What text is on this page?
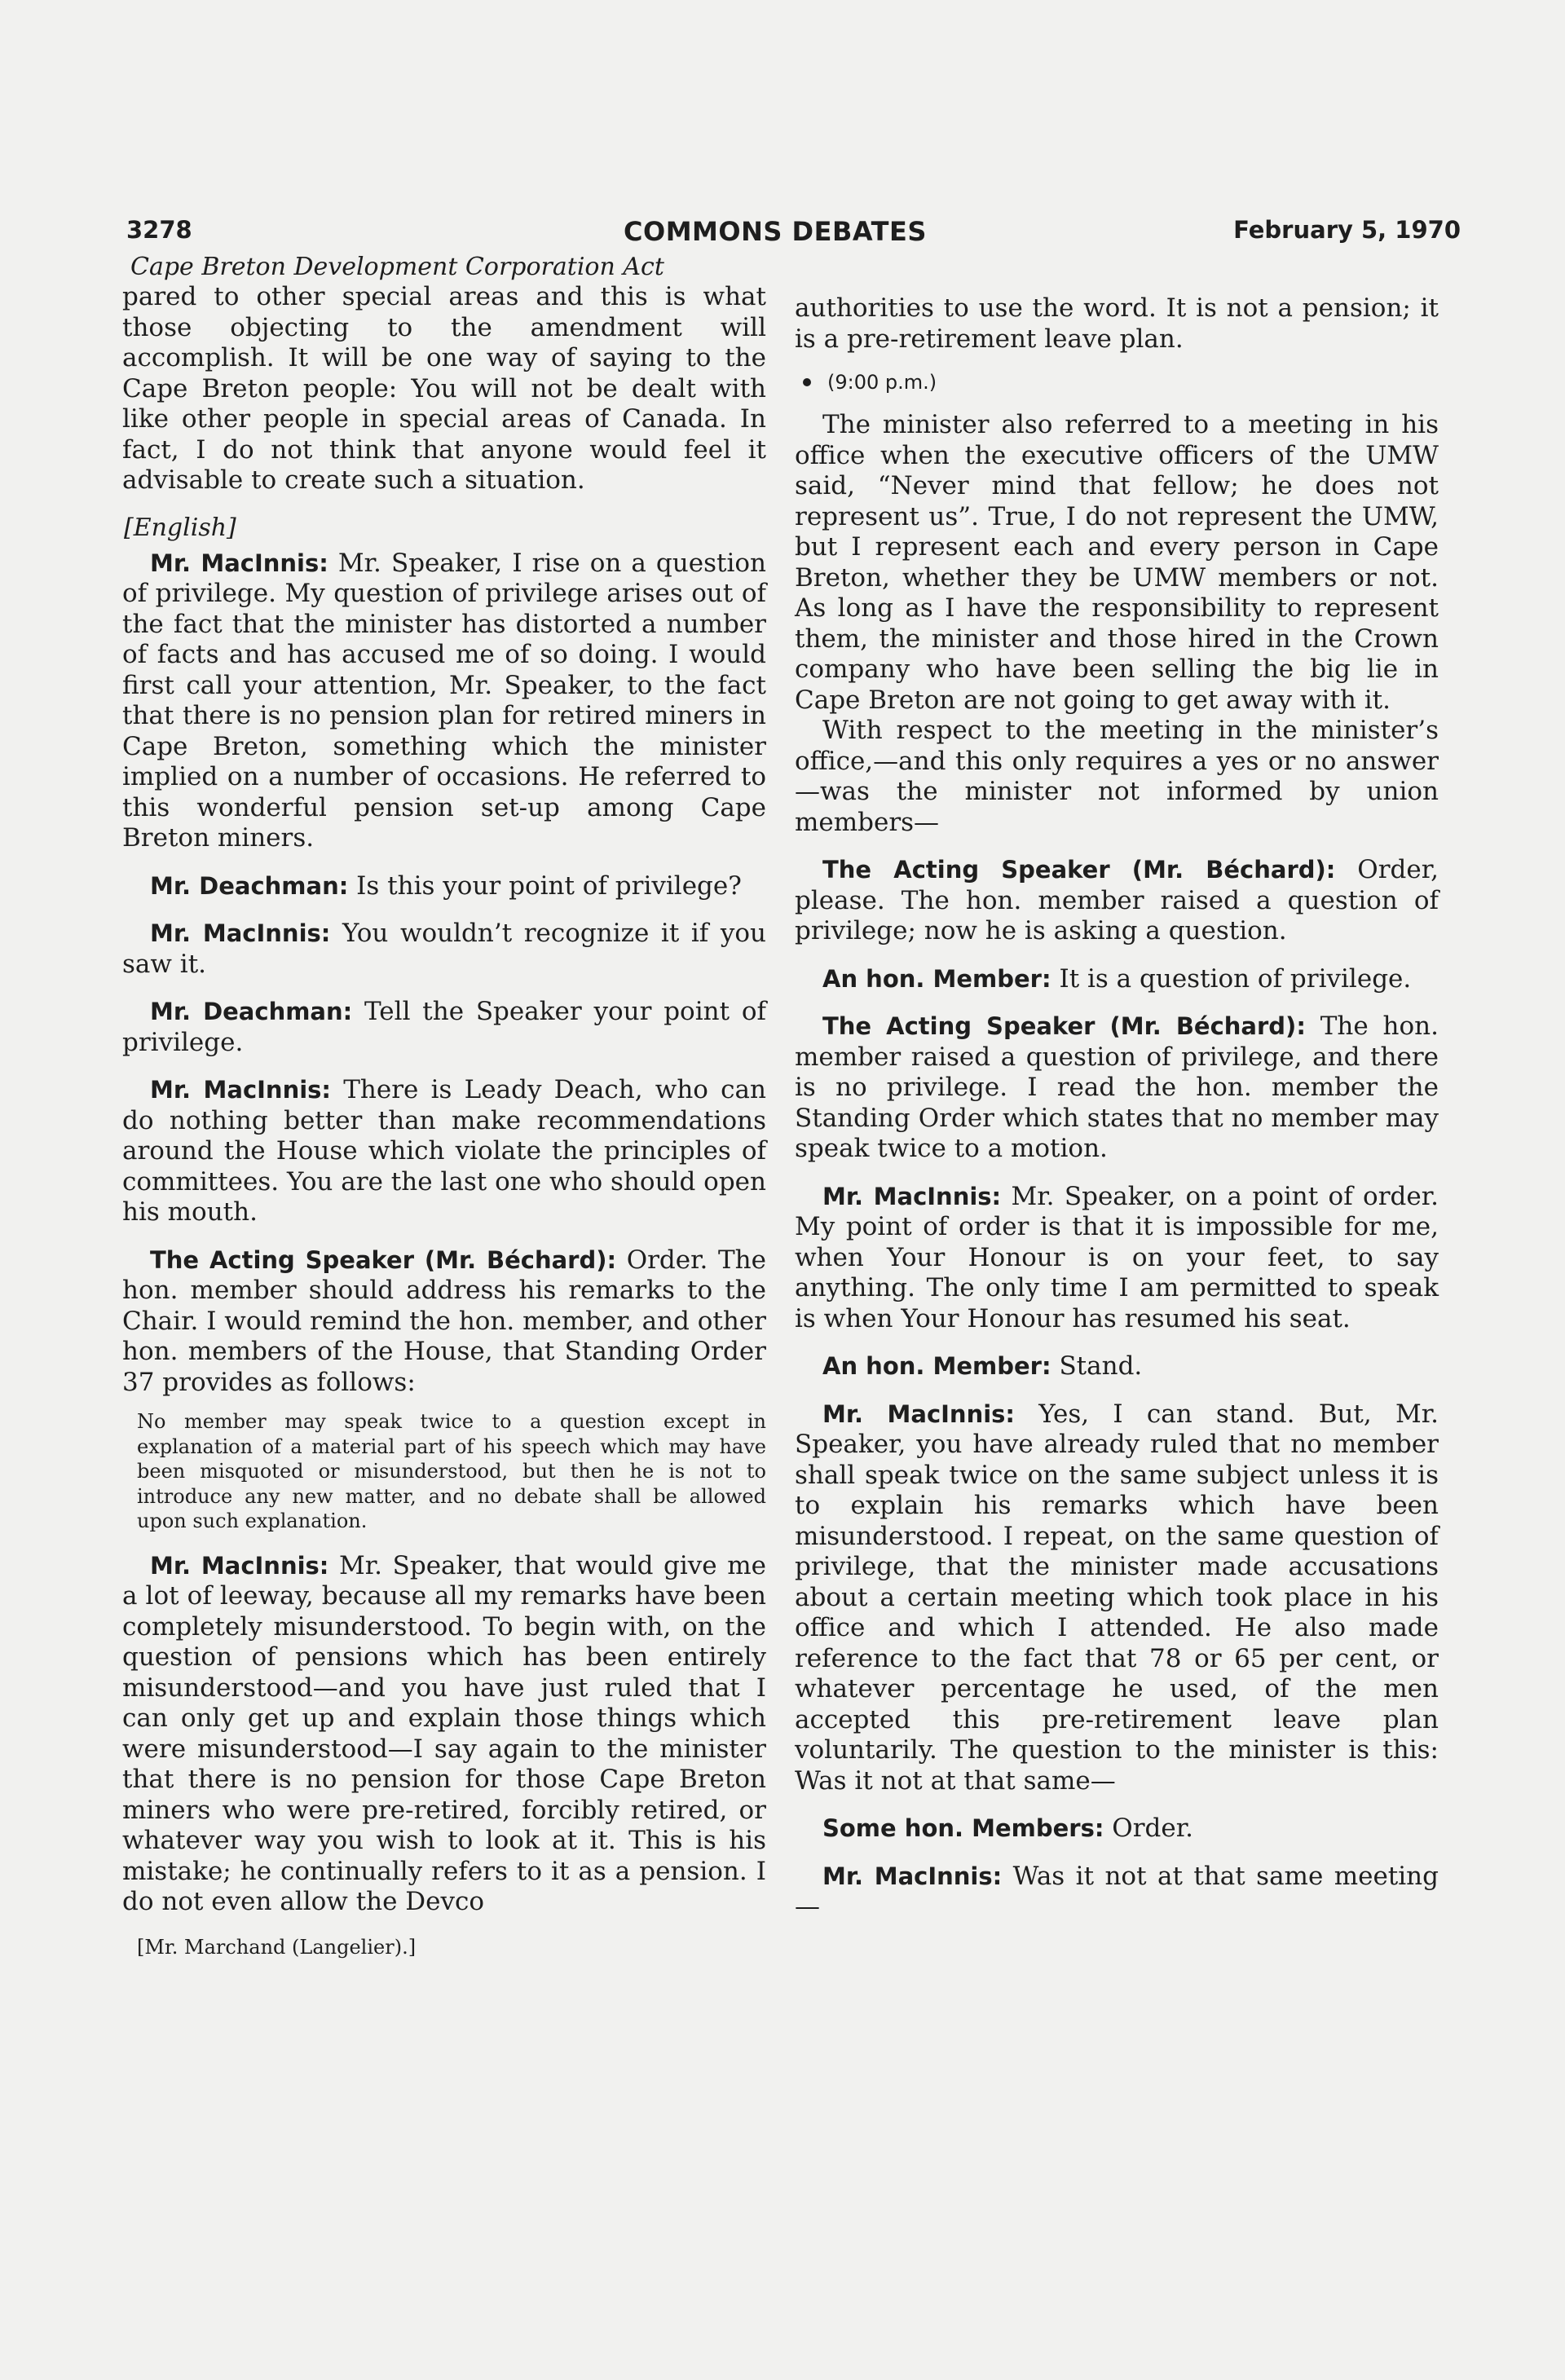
3278	COMMONS DEBATES	February 5, 1970
Cape Breton Development Corporation Act

pared to other special areas and this is what those objecting to the amendment will accomplish. It will be one way of saying to the Cape Breton people: You will not be dealt with like other people in special areas of Canada. In fact, I do not think that anyone would feel it advisable to create such a situation.

[English]

Mr. MacInnis: Mr. Speaker, I rise on a question of privilege. My question of privilege arises out of the fact that the minister has distorted a number of facts and has accused me of so doing. I would first call your attention, Mr. Speaker, to the fact that there is no pension plan for retired miners in Cape Breton, something which the minister implied on a number of occasions. He referred to this wonderful pension set-up among Cape Breton miners.

Mr. Deachman: Is this your point of privilege?

Mr. MacInnis: You wouldn’t recognize it if you saw it.

Mr. Deachman: Tell the Speaker your point of privilege.

Mr. MacInnis: There is Leady Deach, who can do nothing better than make recommendations around the House which violate the principles of committees. You are the last one who should open his mouth.

The Acting Speaker (Mr. Béchard): Order. The hon. member should address his remarks to the Chair. I would remind the hon. member, and other hon. members of the House, that Standing Order 37 provides as follows:

No member may speak twice to a question except in explanation of a material part of his speech which may have been misquoted or misunderstood, but then he is not to introduce any new matter, and no debate shall be allowed upon such explanation.

Mr. MacInnis: Mr. Speaker, that would give me a lot of leeway, because all my remarks have been completely misunderstood. To begin with, on the question of pensions which has been entirely misunderstood—and you have just ruled that I can only get up and explain those things which were misunderstood—I say again to the minister that there is no pension for those Cape Breton miners who were pre-retired, forcibly retired, or whatever way you wish to look at it. This is his mistake; he continually refers to it as a pension. I do not even allow the Devco

[Mr. Marchand (Langelier).]

authorities to use the word. It is not a pension; it is a pre-retirement leave plan.

(9:00 p.m.)

The minister also referred to a meeting in his office when the executive officers of the UMW said, “Never mind that fellow; he does not represent us”. True, I do not represent the UMW, but I represent each and every person in Cape Breton, whether they be UMW members or not. As long as I have the responsibility to represent them, the minister and those hired in the Crown company who have been selling the big lie in Cape Breton are not going to get away with it.

With respect to the meeting in the minister’s office,—and this only requires a yes or no answer—was the minister not informed by union members—

The Acting Speaker (Mr. Béchard): Order, please. The hon. member raised a question of privilege; now he is asking a question.

An hon. Member: It is a question of privilege.

The Acting Speaker (Mr. Béchard): The hon. member raised a question of privilege, and there is no privilege. I read the hon. member the Standing Order which states that no member may speak twice to a motion.

Mr. MacInnis: Mr. Speaker, on a point of order. My point of order is that it is impossible for me, when Your Honour is on your feet, to say anything. The only time I am permitted to speak is when Your Honour has resumed his seat.

An hon. Member: Stand.

Mr. MacInnis: Yes, I can stand. But, Mr. Speaker, you have already ruled that no member shall speak twice on the same subject unless it is to explain his remarks which have been misunderstood. I repeat, on the same question of privilege, that the minister made accusations about a certain meeting which took place in his office and which I attended. He also made reference to the fact that 78 or 65 per cent, or whatever percentage he used, of the men accepted this pre-retirement leave plan voluntarily. The question to the minister is this: Was it not at that same—

Some hon. Members: Order.

Mr. MacInnis: Was it not at that same meeting—
